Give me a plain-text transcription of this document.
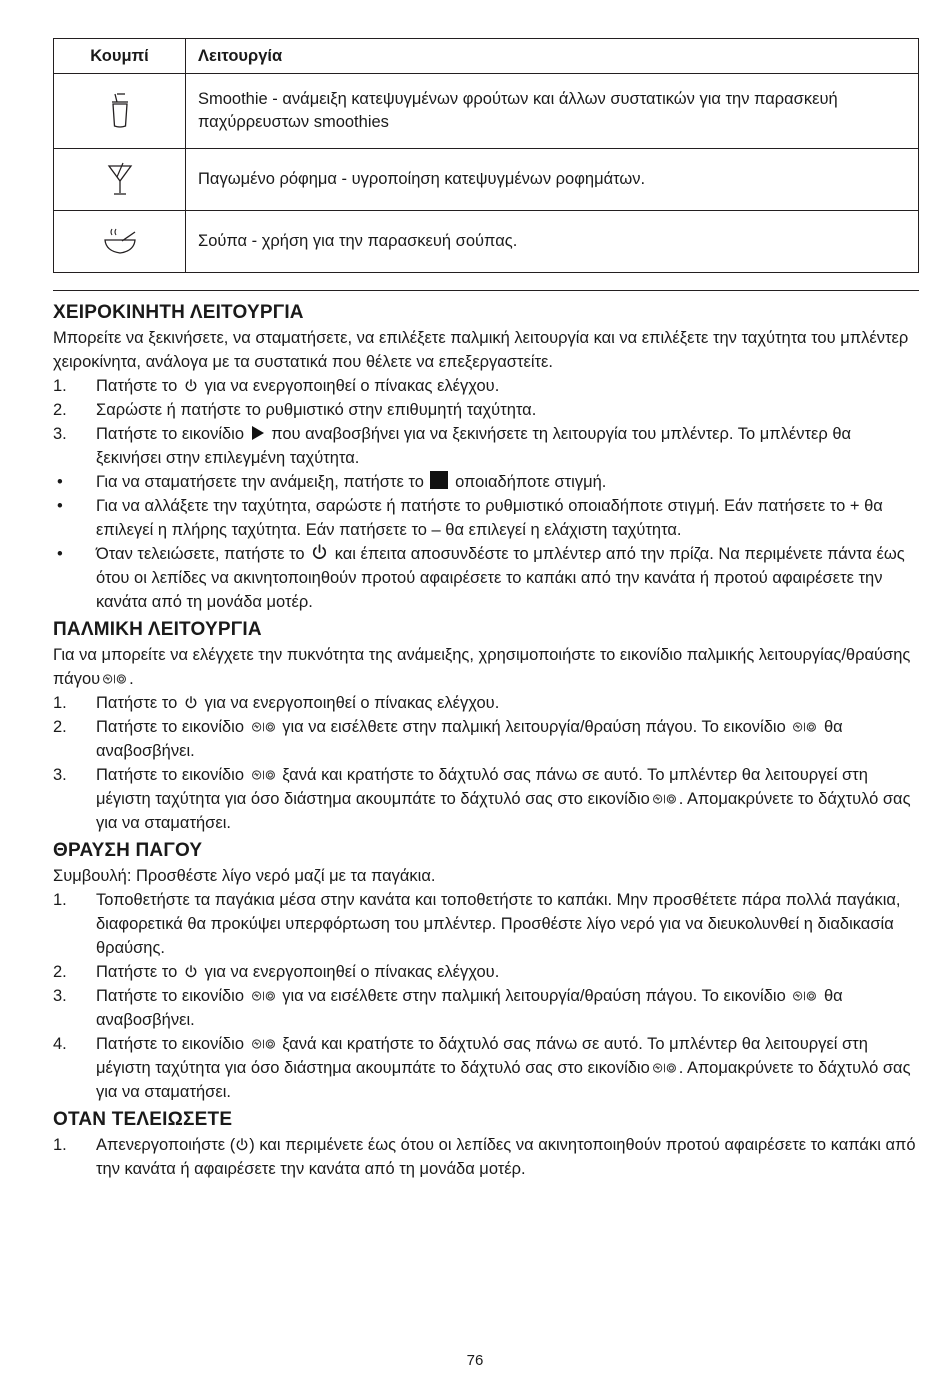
Κουμπί	Λειτουργία
	Smoothie - ανάμειξη κατεψυγμένων φρούτων και άλλων συστατικών για την παρασκευή παχύρρευστων smoothies
	Παγωμένο ρόφημα - υγροποίηση κατεψυγμένων ροφημάτων.
	Σούπα - χρήση για την παρασκευή σούπας.
ΧΕΙΡΟΚΙΝΗΤΗ ΛΕΙΤΟΥΡΓΙΑ

Μπορείτε να ξεκινήσετε, να σταματήσετε, να επιλέξετε παλμική λειτουργία και να επιλέξετε την ταχύτητα του μπλέντερ χειροκίνητα, ανάλογα με τα συστατικά που θέλετε να επεξεργαστείτε.

1. Πατήστε το για να ενεργοποιηθεί ο πίνακας ελέγχου.
2. Σαρώστε ή πατήστε το ρυθμιστικό στην επιθυμητή ταχύτητα.
3. Πατήστε το εικονίδιο που αναβοσβήνει για να ξεκινήσετε τη λειτουργία του μπλέντερ. Το μπλέντερ θα ξεκινήσει στην επιλεγμένη ταχύτητα.
• Για να σταματήσετε την ανάμειξη, πατήστε το οποιαδήποτε στιγμή.
• Για να αλλάξετε την ταχύτητα, σαρώστε ή πατήστε το ρυθμιστικό οποιαδήποτε στιγμή. Εάν πατήσετε το + θα επιλεγεί η πλήρης ταχύτητα. Εάν πατήσετε το – θα επιλεγεί η ελάχιστη ταχύτητα.
• Όταν τελειώσετε, πατήστε το και έπειτα αποσυνδέστε το μπλέντερ από την πρίζα. Να περιμένετε πάντα έως ότου οι λεπίδες να ακινητοποιηθούν προτού αφαιρέσετε το καπάκι από την κανάτα ή προτού αφαιρέσετε την κανάτα από τη μονάδα μοτέρ.
ΠΑΛΜΙΚΗ ΛΕΙΤΟΥΡΓΙΑ

Για να μπορείτε να ελέγχετε την πυκνότητα της ανάμειξης, χρησιμοποιήστε το εικονίδιο παλμικής λειτουργίας/θραύσης πάγου .

1. Πατήστε το για να ενεργοποιηθεί ο πίνακας ελέγχου.
2. Πατήστε το εικονίδιο για να εισέλθετε στην παλμική λειτουργία/θραύση πάγου. Το εικονίδιο θα αναβοσβήνει.
3. Πατήστε το εικονίδιο ξανά και κρατήστε το δάχτυλό σας πάνω σε αυτό. Το μπλέντερ θα λειτουργεί στη μέγιστη ταχύτητα για όσο διάστημα ακουμπάτε το δάχτυλό σας στο εικονίδιο . Απομακρύνετε το δάχτυλό σας για να σταματήσει.
ΘΡΑΥΣΗ ΠΑΓΟΥ

Συμβουλή: Προσθέστε λίγο νερό μαζί με τα παγάκια.

1. Τοποθετήστε τα παγάκια μέσα στην κανάτα και τοποθετήστε το καπάκι. Μην προσθέτετε πάρα πολλά παγάκια, διαφορετικά θα προκύψει υπερφόρτωση του μπλέντερ. Προσθέστε λίγο νερό για να διευκολυνθεί η διαδικασία θραύσης.
2. Πατήστε το για να ενεργοποιηθεί ο πίνακας ελέγχου.
3. Πατήστε το εικονίδιο για να εισέλθετε στην παλμική λειτουργία/θραύση πάγου. Το εικονίδιο θα αναβοσβήνει.
4. Πατήστε το εικονίδιο ξανά και κρατήστε το δάχτυλό σας πάνω σε αυτό. Το μπλέντερ θα λειτουργεί στη μέγιστη ταχύτητα για όσο διάστημα ακουμπάτε το δάχτυλό σας στο εικονίδιο . Απομακρύνετε το δάχτυλό σας για να σταματήσει.
ΟΤΑΝ ΤΕΛΕΙΩΣΕΤΕ
1. Απενεργοποιήστε ( ) και περιμένετε έως ότου οι λεπίδες να ακινητοποιηθούν προτού αφαιρέσετε το καπάκι από την κανάτα ή αφαιρέσετε την κανάτα από τη μονάδα μοτέρ.
76
